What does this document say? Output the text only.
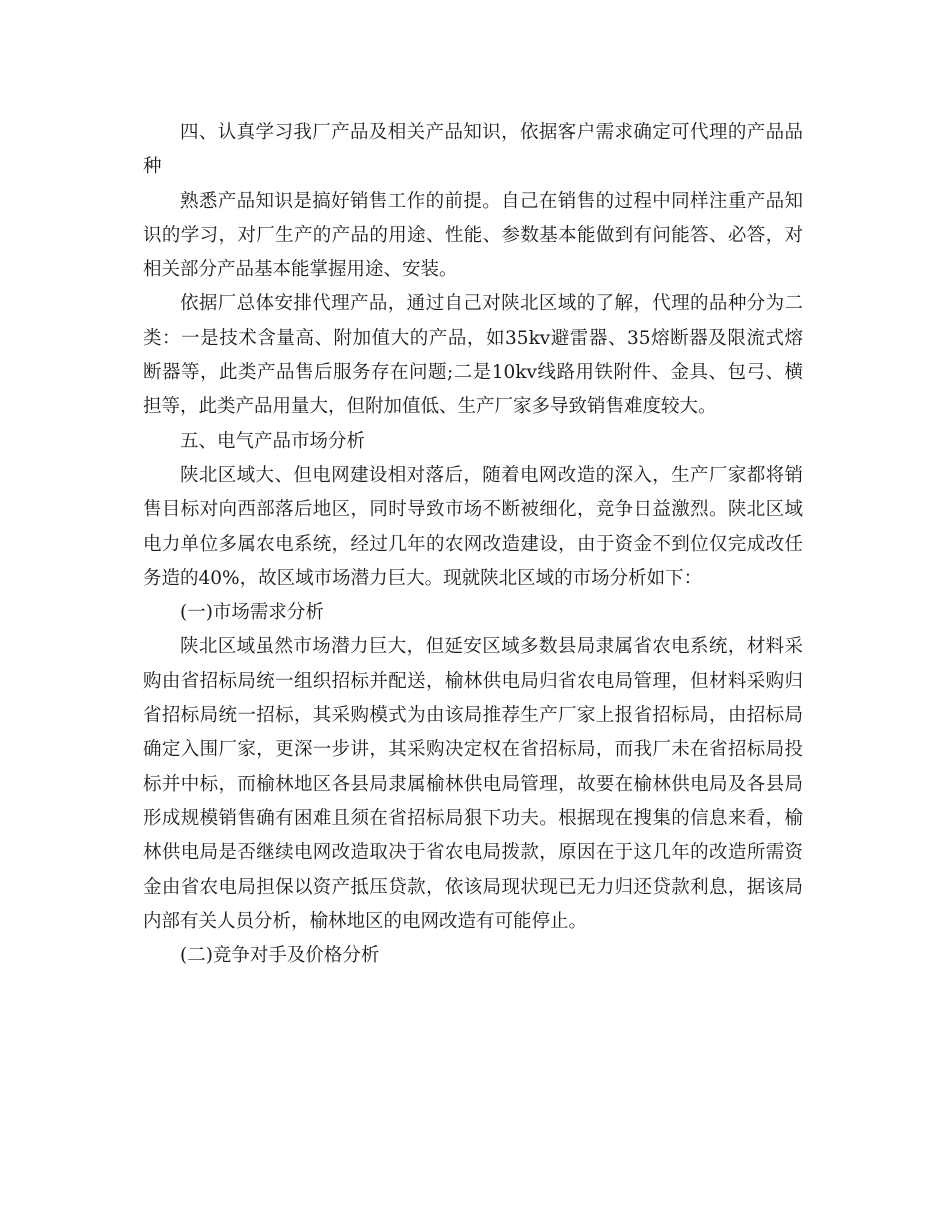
四、认真学习我厂产品及相关产品知识，依据客户需求确定可代理的产品品种

熟悉产品知识是搞好销售工作的前提。自己在销售的过程中同样注重产品知识的学习，对厂生产的产品的用途、性能、参数基本能做到有问能答、必答，对相关部分产品基本能掌握用途、安装。

依据厂总体安排代理产品，通过自己对陕北区域的了解，代理的品种分为二类：一是技术含量高、附加值大的产品，如35kv避雷器、35熔断器及限流式熔断器等，此类产品售后服务存在问题;二是10kv线路用铁附件、金具、包弓、横担等，此类产品用量大，但附加值低、生产厂家多导致销售难度较大。

五、电气产品市场分析

陕北区域大、但电网建设相对落后，随着电网改造的深入，生产厂家都将销售目标对向西部落后地区，同时导致市场不断被细化，竞争日益激烈。陕北区域电力单位多属农电系统，经过几年的农网改造建设，由于资金不到位仅完成改任务造的40%，故区域市场潜力巨大。现就陕北区域的市场分析如下：

(一)市场需求分析

陕北区域虽然市场潜力巨大，但延安区域多数县局隶属省农电系统，材料采购由省招标局统一组织招标并配送，榆林供电局归省农电局管理，但材料采购归省招标局统一招标，其采购模式为由该局推荐生产厂家上报省招标局，由招标局确定入围厂家，更深一步讲，其采购决定权在省招标局，而我厂未在省招标局投标并中标，而榆林地区各县局隶属榆林供电局管理，故要在榆林供电局及各县局形成规模销售确有困难且须在省招标局狠下功夫。根据现在搜集的信息来看，榆林供电局是否继续电网改造取决于省农电局拨款，原因在于这几年的改造所需资金由省农电局担保以资产抵压贷款，依该局现状现已无力归还贷款利息，据该局内部有关人员分析，榆林地区的电网改造有可能停止。

(二)竞争对手及价格分析
